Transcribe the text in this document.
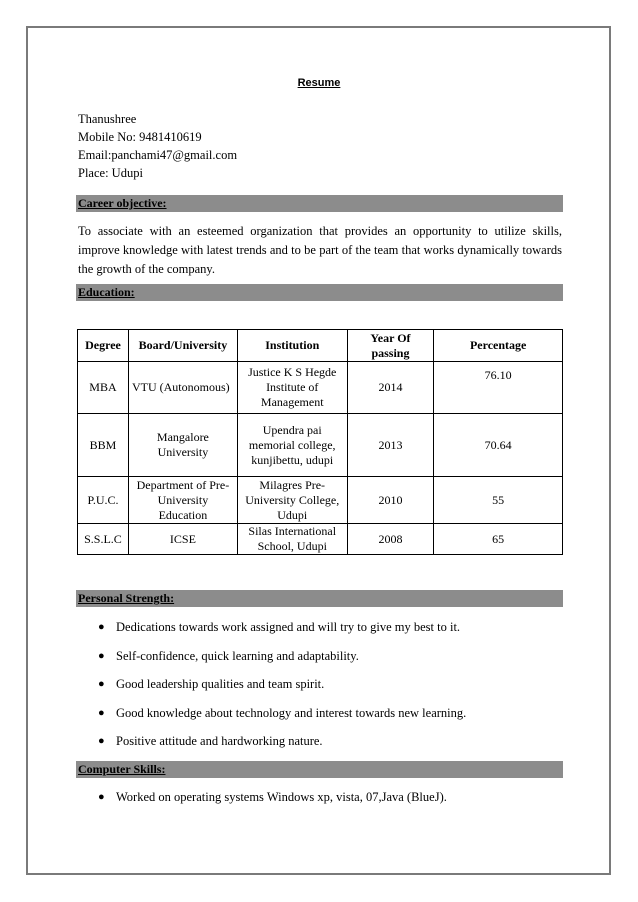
Resume
Thanushree
Mobile No: 9481410619
Email:panchami47@gmail.com
Place: Udupi
Career objective:
To associate with an esteemed organization that provides an opportunity to utilize skills, improve knowledge with latest trends and to be part of the team that works dynamically towards the growth of the company.
Education:
Degree	Board/University	Institution	Year Of passing	Percentage
MBA	VTU (Autonomous)	Justice K S Hegde Institute of Management	2014	76.10
BBM	Mangalore University	Upendra pai memorial college, kunjibettu, udupi	2013	70.64
P.U.C.	Department of Pre-University Education	Milagres Pre-University College, Udupi	2010	55
S.S.L.C	ICSE	Silas International School, Udupi	2008	65
Personal Strength:
● Dedications towards work assigned and will try to give my best to it.
● Self-confidence, quick learning and adaptability.
● Good leadership qualities and team spirit.
● Good knowledge about technology and interest towards new learning.
● Positive attitude and hardworking nature.
Computer Skills:
● Worked on operating systems Windows xp, vista, 07,Java (BlueJ).
